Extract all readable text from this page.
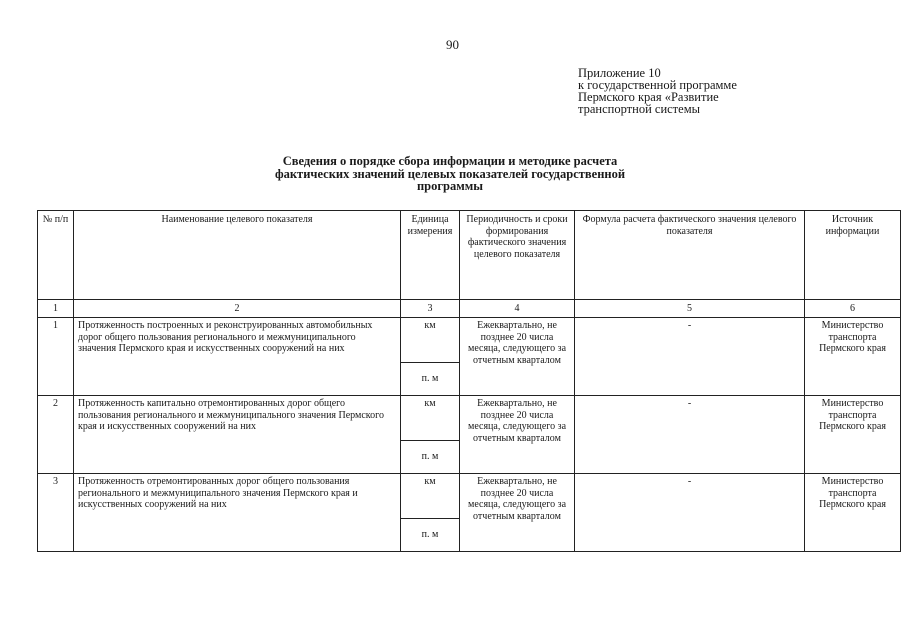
90
Приложение 10
к государственной программе
Пермского края «Развитие
транспортной системы
Сведения о порядке сбора информации и методике расчета
фактических значений целевых показателей государственной
программы
№ п/п	Наименование целевого показателя	Единица измерения	Периодичность и сроки формирования фактического значения целевого показателя	Формула расчета фактического значения целевого показателя	Источник информации
1	2	3	4	5	6
1	Протяженность построенных и реконструированных автомобильных дорог общего пользования регионального и межмуниципального значения Пермского края и искусственных сооружений на них	км	Ежеквартально, не позднее 20 числа месяца, следующего за отчетным кварталом	-	Министерство транспорта Пермского края
		п. м			
2	Протяженность капитально отремонтированных дорог общего пользования регионального и межмуниципального значения Пермского края и искусственных сооружений на них	км	Ежеквартально, не позднее 20 числа месяца, следующего за отчетным кварталом	-	Министерство транспорта Пермского края
		п. м			
3	Протяженность отремонтированных дорог общего пользования регионального и межмуниципального значения Пермского края и искусственных сооружений на них	км	Ежеквартально, не позднее 20 числа месяца, следующего за отчетным кварталом	-	Министерство транспорта Пермского края
		п. м			
